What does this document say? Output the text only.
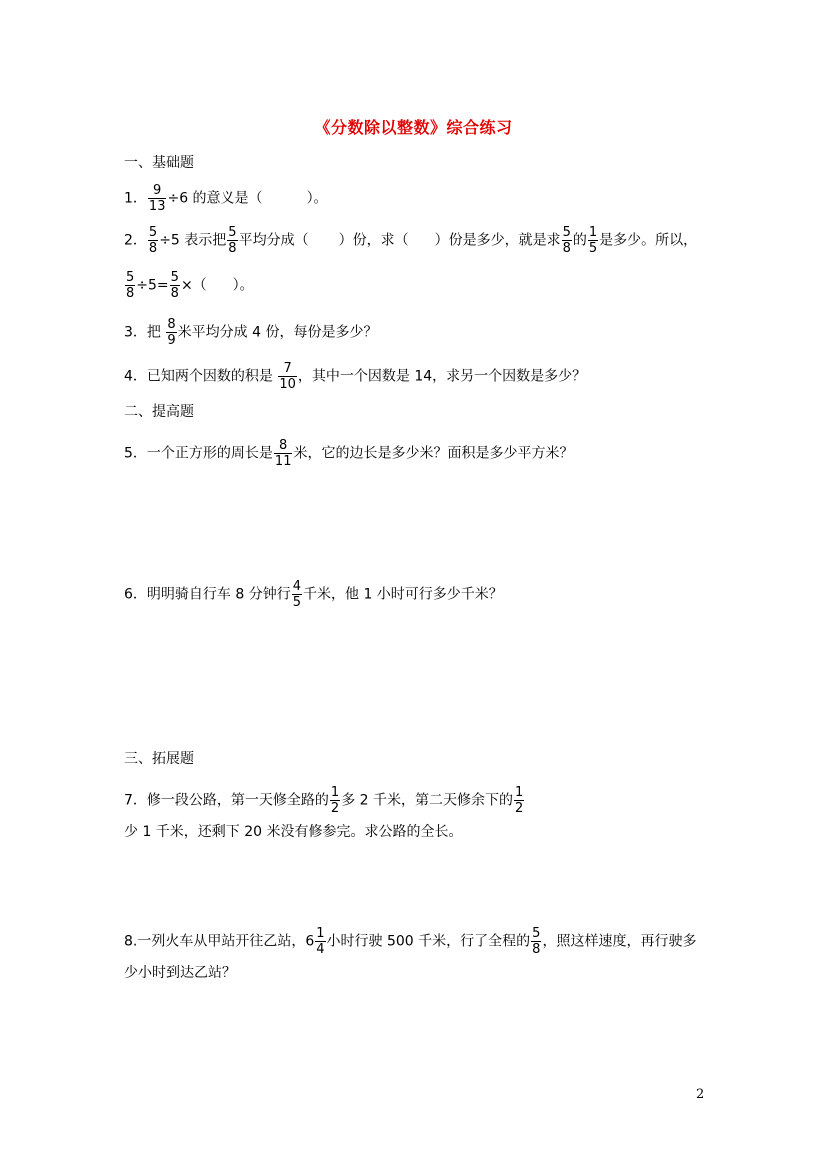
《分数除以整数》综合练习
一、基础题
1． $\frac{9}{13} \div 6$ 的意义是（	）。
2． $\frac{5}{8} \div 5$ 表示把 $\frac{5}{8}$ 平均分成（ ）份，求（ ）份是多少，就是求 $\frac{5}{8}$ 的 $\frac{1}{5}$ 是多少。所以，
$\frac{5}{8} \div 5= \frac{5}{8}$ ×（ ）。
3．把 $\frac{8}{9}$ 米平均分成 4 份，每份是多少？
4．已知两个因数的积是 $\frac{7}{10}$ ，其中一个因数是 14，求另一个因数是多少？
二、提高题
5．一个正方形的周长是 $\frac{8}{11}$ 米，它的边长是多少米？面积是多少平方米？
6．明明骑自行车 8 分钟行 $\frac{4}{5}$ 千米，他 1 小时可行多少千米？
三、拓展题
7．修一段公路，第一天修全路的 $\frac{1}{2}$ 多 2 千米，第二天修余下的 $\frac{1}{2}$
少 1 千米，还剩下 20 米没有修参完。求公路的全长。
8.一列火车从甲站开往乙站，$6 \frac{1}{4}$ 小时行驶 500 千米，行了全程的 $\frac{5}{8}$ ，照这样速度，再行驶多
少小时到达乙站？
2
